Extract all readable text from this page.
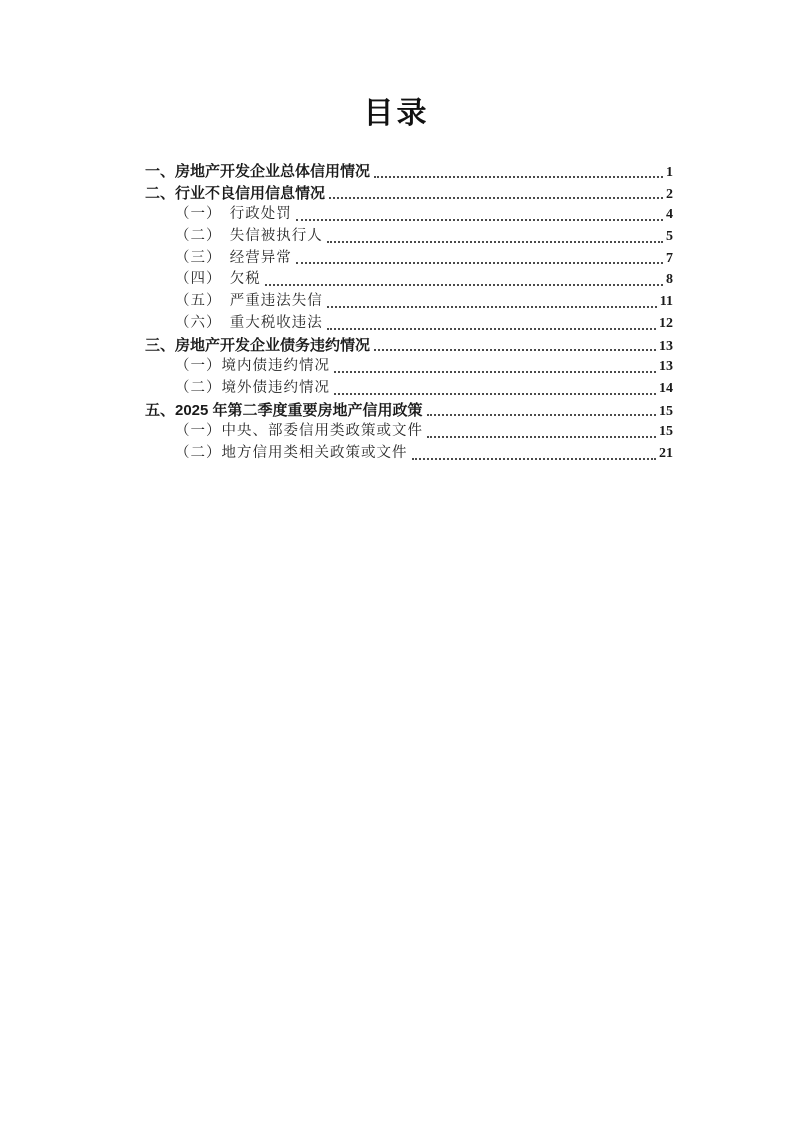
目录
一、房地产开发企业总体信用情况	1
二、行业不良信用信息情况	2
（一）　行政处罚	4
（二）　失信被执行人	5
（三）　经营异常	7
（四）　欠税	8
（五）　严重违法失信	11
（六）　重大税收违法	12
三、房地产开发企业债务违约情况	13
（一）境内债违约情况	13
（二）境外债违约情况	14
五、2025 年第二季度重要房地产信用政策	15
（一）中央、部委信用类政策或文件	15
（二）地方信用类相关政策或文件	21
